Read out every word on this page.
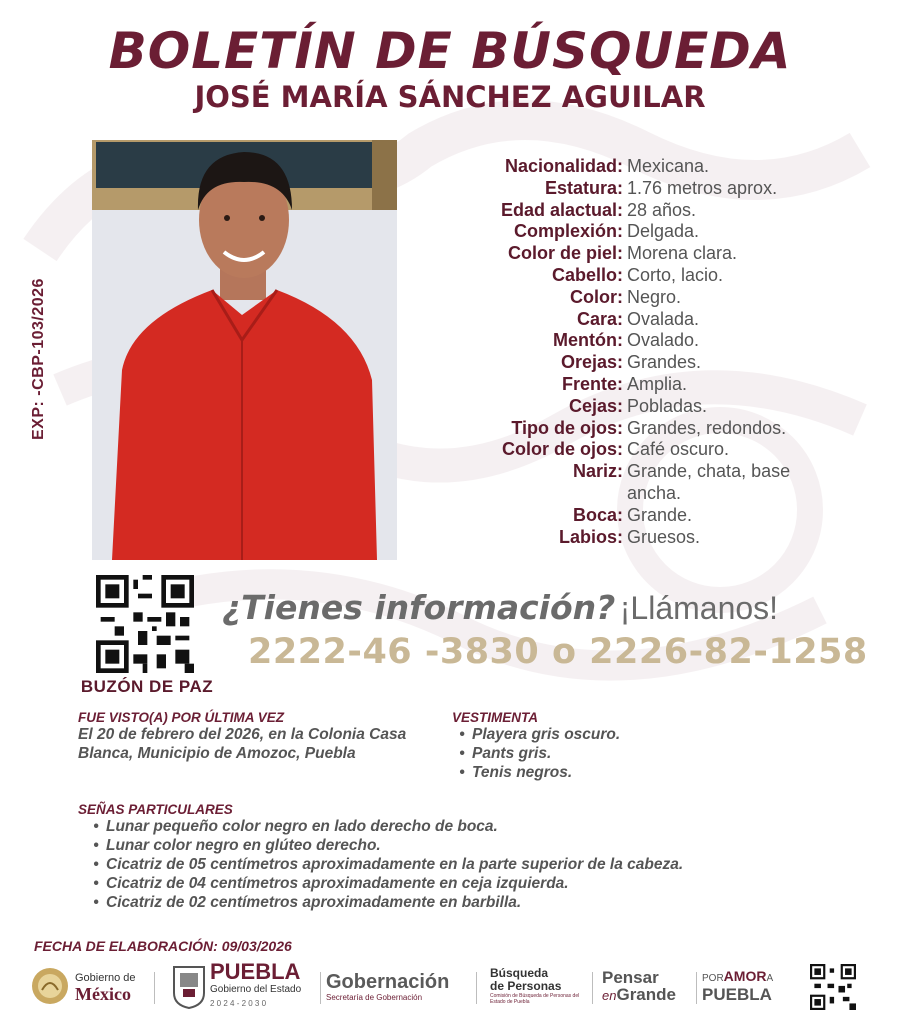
BOLETÍN DE BÚSQUEDA
JOSÉ MARÍA SÁNCHEZ AGUILAR
EXP: -CBP-103/2026
Nacionalidad: Mexicana.
Estatura: 1.76 metros aprox.
Edad alactual: 28 años.
Complexión: Delgada.
Color de piel: Morena clara.
Cabello: Corto, lacio.
Color: Negro.
Cara: Ovalada.
Mentón: Ovalado.
Orejas: Grandes.
Frente: Amplia.
Cejas: Pobladas.
Tipo de ojos: Grandes, redondos.
Color de ojos: Café oscuro.
Nariz: Grande, chata, base ancha.
Boca: Grande.
Labios: Gruesos.
BUZÓN DE PAZ
¿Tienes información? ¡Llámanos!
2222-46 -3830 o 2226-82-1258
FUE VISTO(A) POR ÚLTIMA VEZ
El 20 de febrero del 2026, en la Colonia Casa Blanca, Municipio de Amozoc, Puebla
VESTIMENTA
• Playera gris oscuro.
• Pants gris.
• Tenis negros.
SEÑAS PARTICULARES
• Lunar pequeño color negro en lado derecho de boca.
• Lunar color negro en glúteo derecho.
• Cicatriz de 05 centímetros aproximadamente en la parte superior de la cabeza.
• Cicatriz de 04 centímetros aproximadamente en ceja izquierda.
• Cicatriz de 02 centímetros aproximadamente en barbilla.
FECHA DE ELABORACIÓN: 09/03/2026
Gobierno de
México
PUEBLA
Gobierno del Estado
2 0 2 4 - 2 0 3 0
Gobernación
Secretaría de Gobernación
Búsqueda
de Personas
Comisión de Búsqueda de Personas del Estado de Puebla
Pensar
enGrande
PORAMORA
PUEBLA
